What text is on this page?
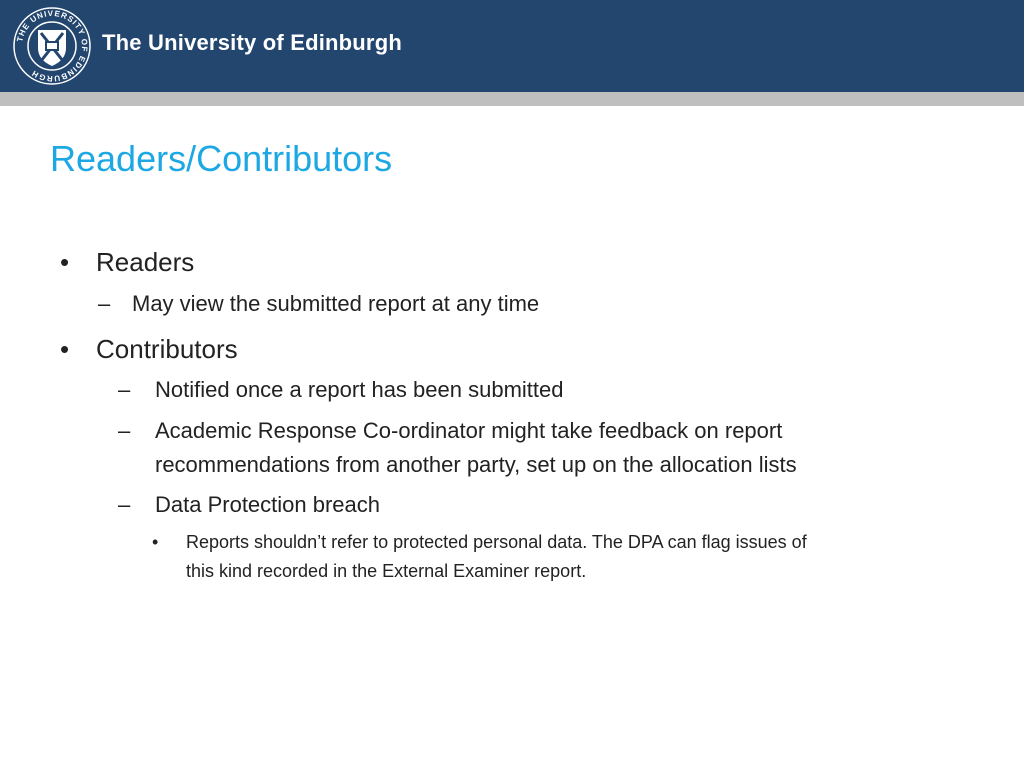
THE UNIVERSITY OF EDINBURGH
The University of Edinburgh
Readers/Contributors
• Readers
– May view the submitted report at any time
• Contributors
– Notified once a report has been submitted
– Academic Response Co-ordinator might take feedback on report
recommendations from another party, set up on the allocation lists
– Data Protection breach
• Reports shouldn’t refer to protected personal data. The DPA can flag issues of
this kind recorded in the External Examiner report.
